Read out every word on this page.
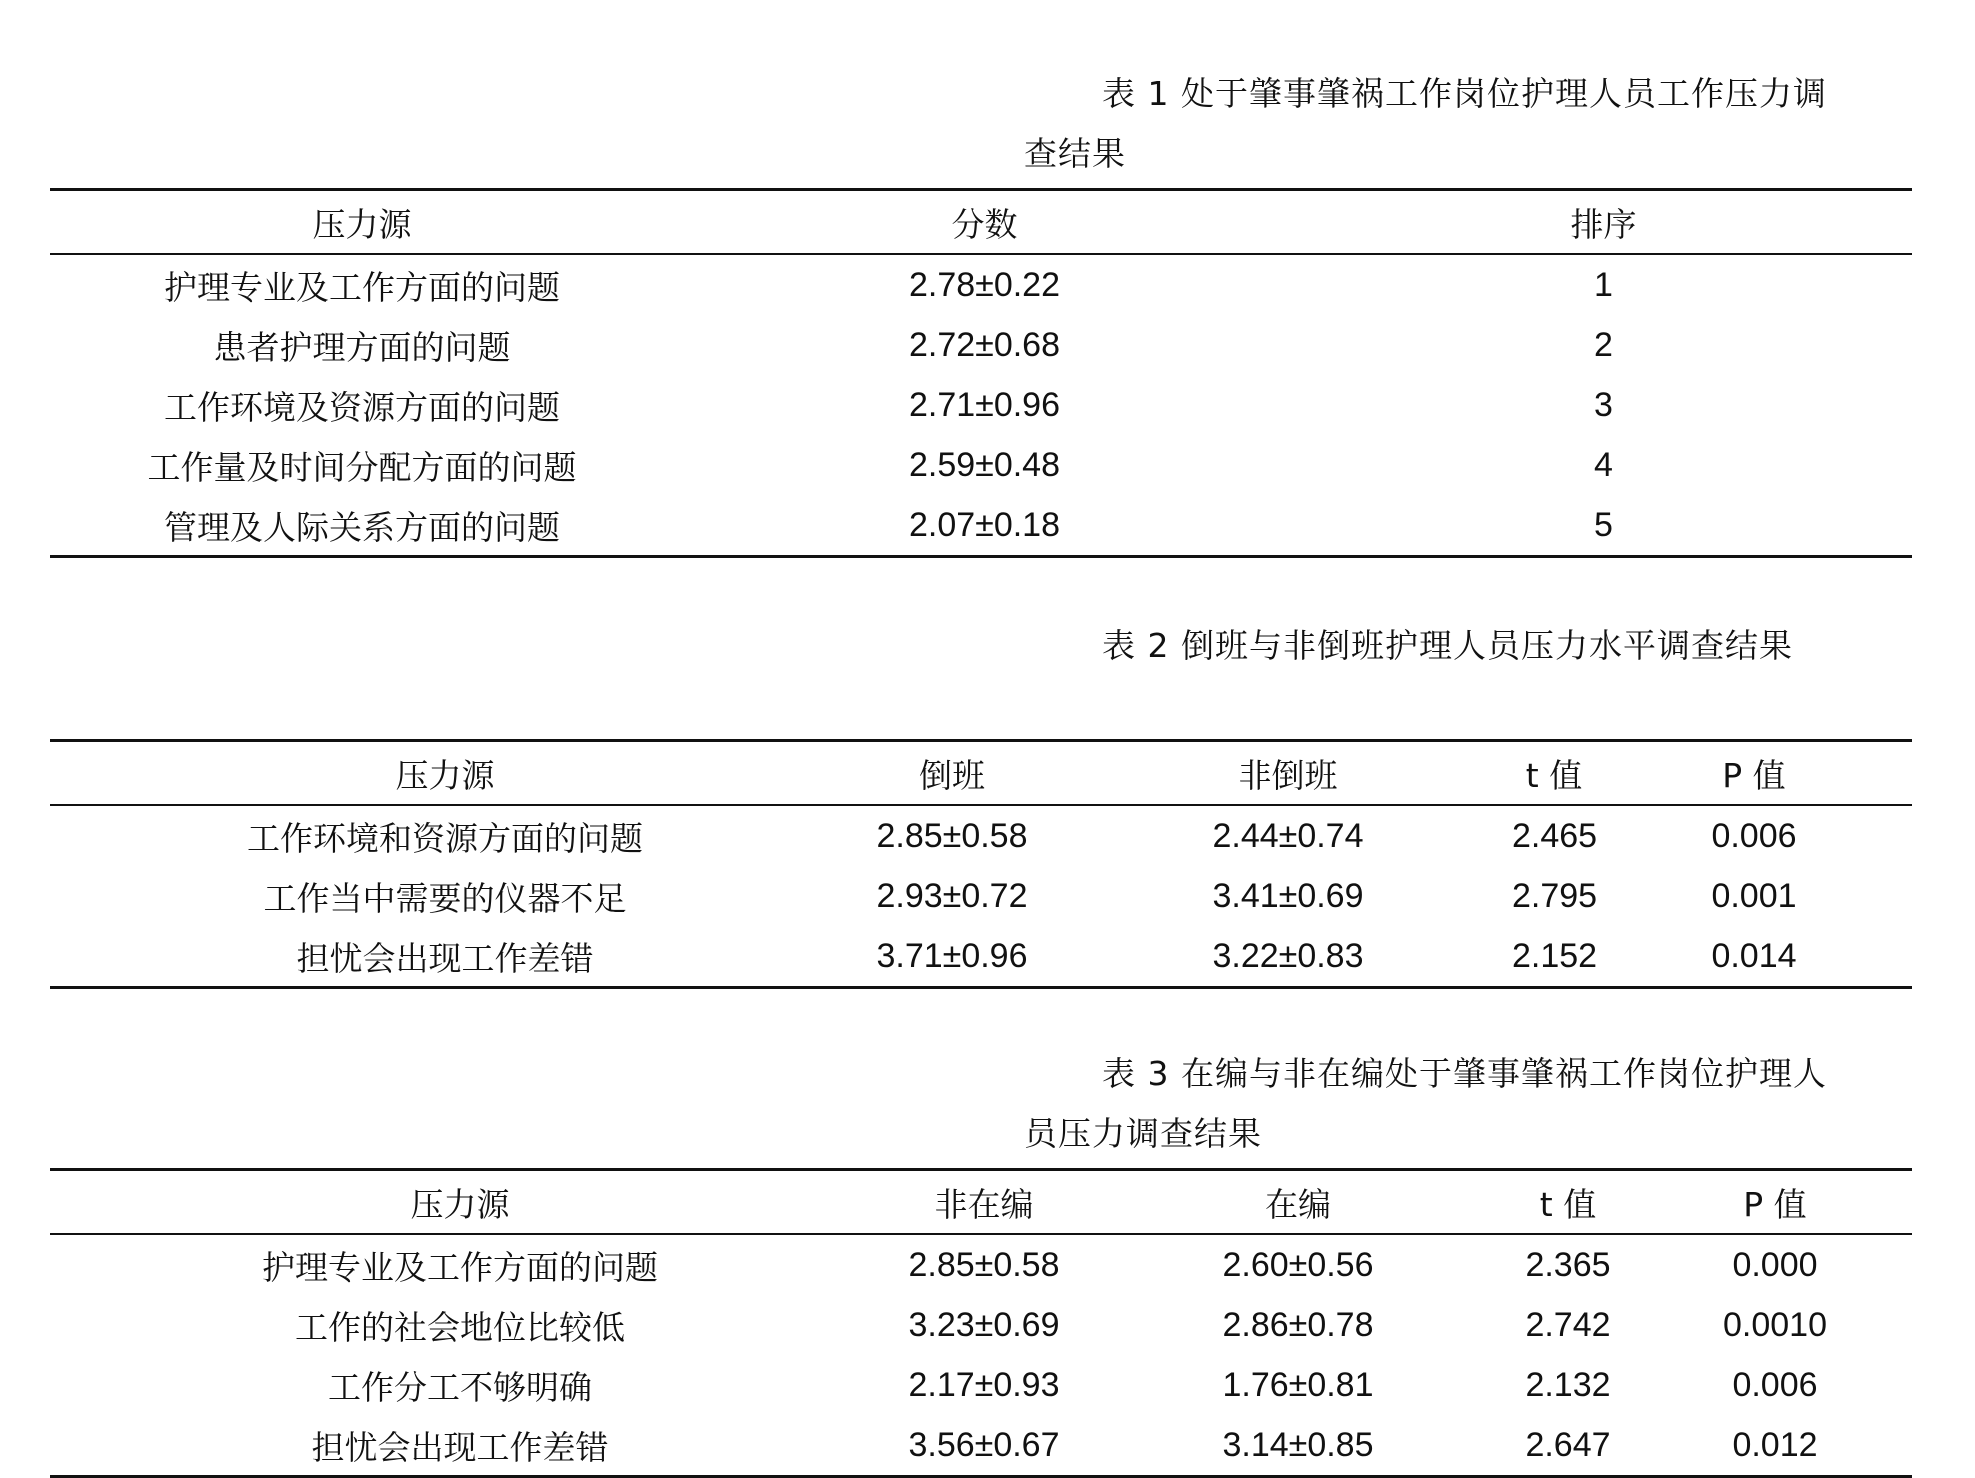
表 1 处于肇事肇祸工作岗位护理人员工作压力调
查结果
压力源	分数	排序
护理专业及工作方面的问题	2.78±0.22	1
患者护理方面的问题	2.72±0.68	2
工作环境及资源方面的问题	2.71±0.96	3
工作量及时间分配方面的问题	2.59±0.48	4
管理及人际关系方面的问题	2.07±0.18	5
表 2 倒班与非倒班护理人员压力水平调查结果
压力源	倒班	非倒班	t 值	P 值
工作环境和资源方面的问题	2.85±0.58	2.44±0.74	2.465	0.006
工作当中需要的仪器不足	2.93±0.72	3.41±0.69	2.795	0.001
担忧会出现工作差错	3.71±0.96	3.22±0.83	2.152	0.014
表 3 在编与非在编处于肇事肇祸工作岗位护理人
员压力调查结果
压力源	非在编	在编	t 值	P 值
护理专业及工作方面的问题	2.85±0.58	2.60±0.56	2.365	0.000
工作的社会地位比较低	3.23±0.69	2.86±0.78	2.742	0.0010
工作分工不够明确	2.17±0.93	1.76±0.81	2.132	0.006
担忧会出现工作差错	3.56±0.67	3.14±0.85	2.647	0.012
